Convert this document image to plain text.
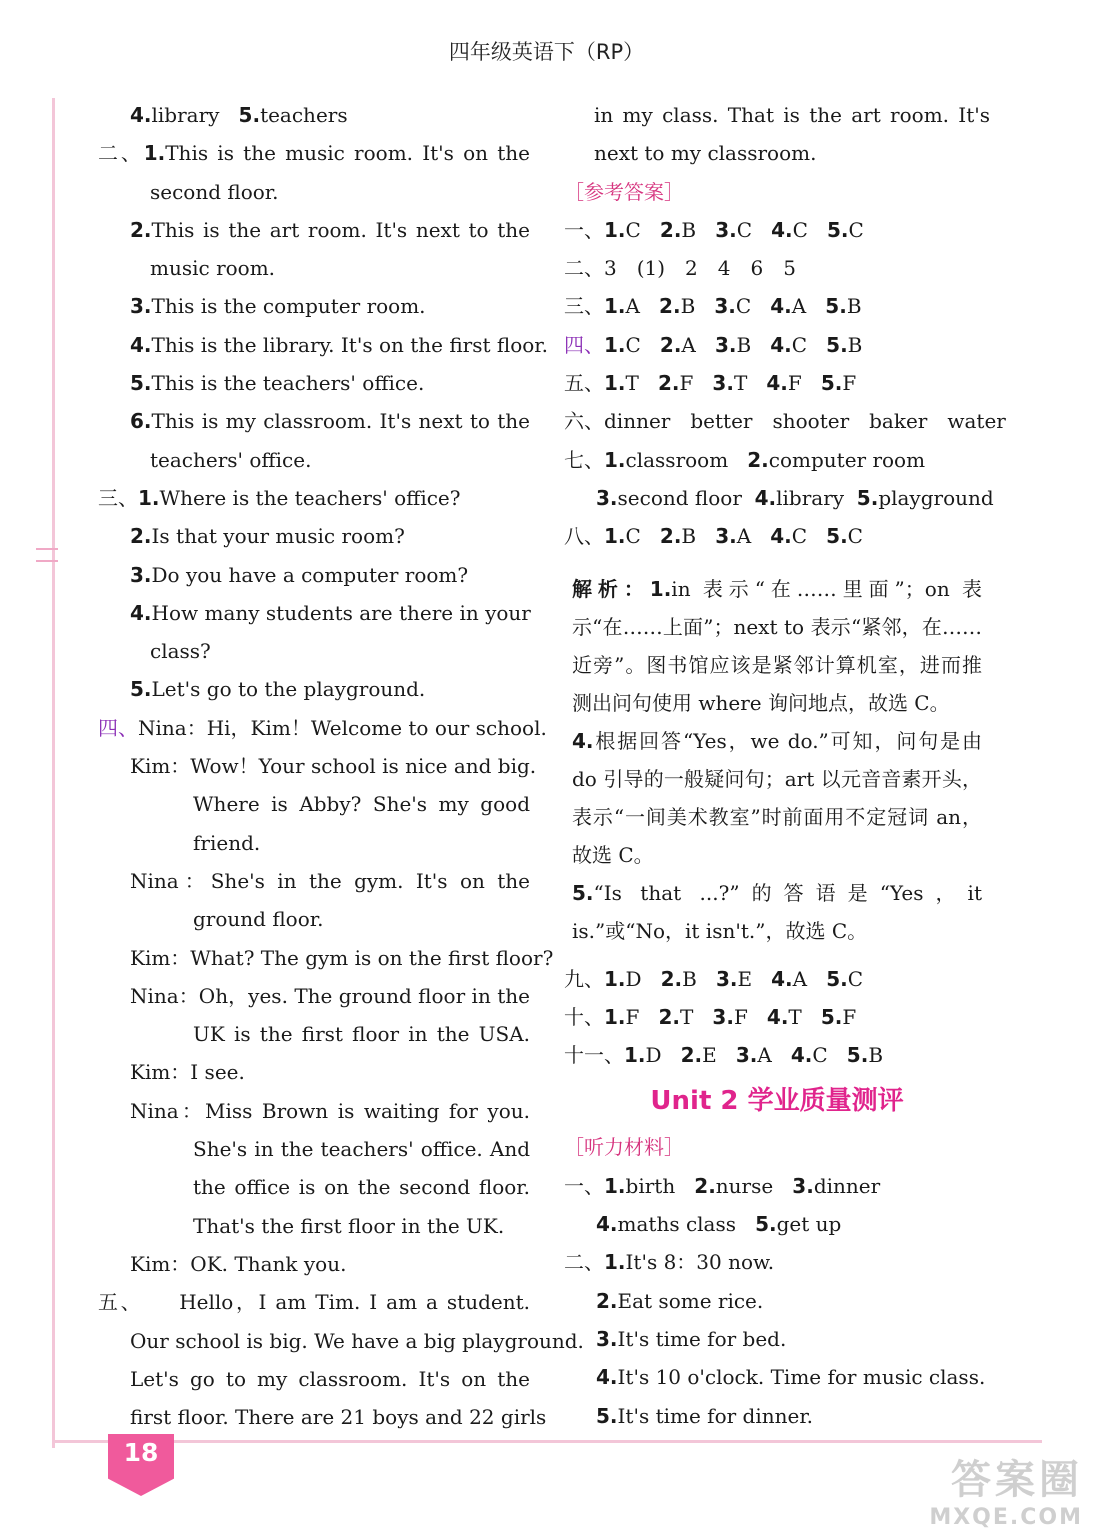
四年级英语下（RP）
18
4.library 5.teachers
二、1.This is the music room. It's on the
second floor.
2.This is the art room. It's next to the
music room.
3.This is the computer room.
4.This is the library. It's on the first floor.
5.This is the teachers' office.
6.This is my classroom. It's next to the
teachers' office.
三、1.Where is the teachers' office?
2.Is that your music room?
3.Do you have a computer room?
4.How many students are there in your
class?
5.Let's go to the playground.
四、Nina：Hi，Kim！Welcome to our school.
Kim：Wow！Your school is nice and big.
Where is Abby? She's my good
friend.
Nina：She's in the gym. It's on the
ground floor.
Kim：What? The gym is on the first floor?
Nina：Oh，yes. The ground floor in the
UK is the first floor in the USA.
Kim：I see.
Nina：Miss Brown is waiting for you.
She's in the teachers' office. And
the office is on the second floor.
That's the first floor in the UK.
Kim：OK. Thank you.
五、 Hello，I am Tim. I am a student.
Our school is big. We have a big playground.
Let's go to my classroom. It's on the
first floor. There are 21 boys and 22 girls
in my class. That is the art room. It's
next to my classroom.
［参考答案］
一、1.C 2.B 3.C 4.C 5.C
二、3　(1)　2　4　6　5
三、1.A 2.B 3.C 4.A 5.B
四、1.C 2.A 3.B 4.C 5.B
五、1.T 2.F 3.T 4.F 5.F
六、dinner　better　shooter　baker　water
七、1.classroom 2.computer room
3.second floor 4.library 5.playground
八、1.C 2.B 3.A 4.C 5.C

解析：1.in 表示“在……里面”；on 表示“在……上面”；next to 表示“紧邻，在……近旁”。图书馆应该是紧邻计算机室，进而推测出问句使用 where 询问地点，故选 C。

4.根据回答“Yes，we do.”可知，问句是由 do 引导的一般疑问句；art 以元音音素开头，表示“一间美术教室”时前面用不定冠词 an，故选 C。

5.“Is that ...?”的答语是“Yes，it is.”或“No，it isn't.”，故选 C。

九、1.D 2.B 3.E 4.A 5.C
十、1.F 2.T 3.F 4.T 5.F
十一、1.D 2.E 3.A 4.C 5.B
Unit 2 学业质量测评
［听力材料］
一、1.birth 2.nurse 3.dinner
4.maths class 5.get up
二、1.It's 8：30 now.
2.Eat some rice.
3.It's time for bed.
4.It's 10 o'clock. Time for music class.
5.It's time for dinner.
答案圈
MXQE.COM
